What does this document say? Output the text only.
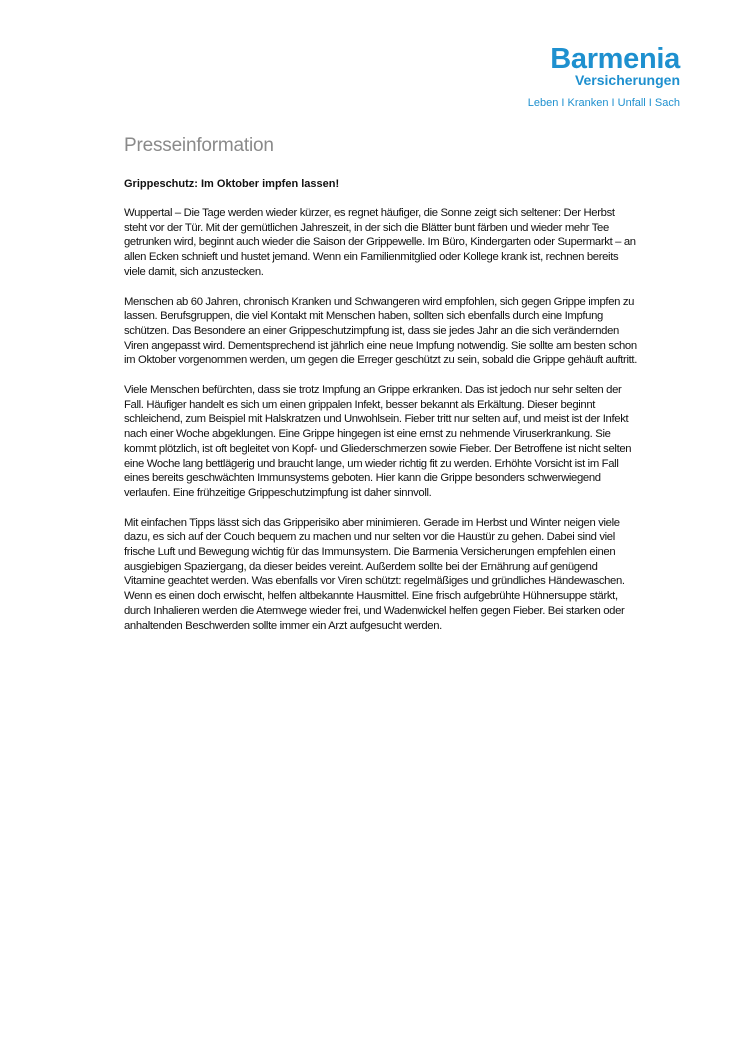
Barmenia
Versicherungen
Leben I Kranken I Unfall I Sach
Presseinformation
Grippeschutz: Im Oktober impfen lassen!

Wuppertal – Die Tage werden wieder kürzer, es regnet häufiger, die Sonne zeigt sich seltener: Der Herbst
steht vor der Tür. Mit der gemütlichen Jahreszeit, in der sich die Blätter bunt färben und wieder mehr Tee
getrunken wird, beginnt auch wieder die Saison der Grippewelle. Im Büro, Kindergarten oder Supermarkt – an
allen Ecken schnieft und hustet jemand. Wenn ein Familienmitglied oder Kollege krank ist, rechnen bereits
viele damit, sich anzustecken.

Menschen ab 60 Jahren, chronisch Kranken und Schwangeren wird empfohlen, sich gegen Grippe impfen zu
lassen. Berufsgruppen, die viel Kontakt mit Menschen haben, sollten sich ebenfalls durch eine Impfung
schützen. Das Besondere an einer Grippeschutzimpfung ist, dass sie jedes Jahr an die sich verändernden
Viren angepasst wird. Dementsprechend ist jährlich eine neue Impfung notwendig. Sie sollte am besten schon
im Oktober vorgenommen werden, um gegen die Erreger geschützt zu sein, sobald die Grippe gehäuft auftritt.

Viele Menschen befürchten, dass sie trotz Impfung an Grippe erkranken. Das ist jedoch nur sehr selten der
Fall. Häufiger handelt es sich um einen grippalen Infekt, besser bekannt als Erkältung. Dieser beginnt
schleichend, zum Beispiel mit Halskratzen und Unwohlsein. Fieber tritt nur selten auf, und meist ist der Infekt
nach einer Woche abgeklungen. Eine Grippe hingegen ist eine ernst zu nehmende Viruserkrankung. Sie
kommt plötzlich, ist oft begleitet von Kopf- und Gliederschmerzen sowie Fieber. Der Betroffene ist nicht selten
eine Woche lang bettlägerig und braucht lange, um wieder richtig fit zu werden. Erhöhte Vorsicht ist im Fall
eines bereits geschwächten Immunsystems geboten. Hier kann die Grippe besonders schwerwiegend
verlaufen. Eine frühzeitige Grippeschutzimpfung ist daher sinnvoll.

Mit einfachen Tipps lässt sich das Gripperisiko aber minimieren. Gerade im Herbst und Winter neigen viele
dazu, es sich auf der Couch bequem zu machen und nur selten vor die Haustür zu gehen. Dabei sind viel
frische Luft und Bewegung wichtig für das Immunsystem. Die Barmenia Versicherungen empfehlen einen
ausgiebigen Spaziergang, da dieser beides vereint. Außerdem sollte bei der Ernährung auf genügend
Vitamine geachtet werden. Was ebenfalls vor Viren schützt: regelmäßiges und gründliches Händewaschen.
Wenn es einen doch erwischt, helfen altbekannte Hausmittel. Eine frisch aufgebrühte Hühnersuppe stärkt,
durch Inhalieren werden die Atemwege wieder frei, und Wadenwickel helfen gegen Fieber. Bei starken oder
anhaltenden Beschwerden sollte immer ein Arzt aufgesucht werden.
